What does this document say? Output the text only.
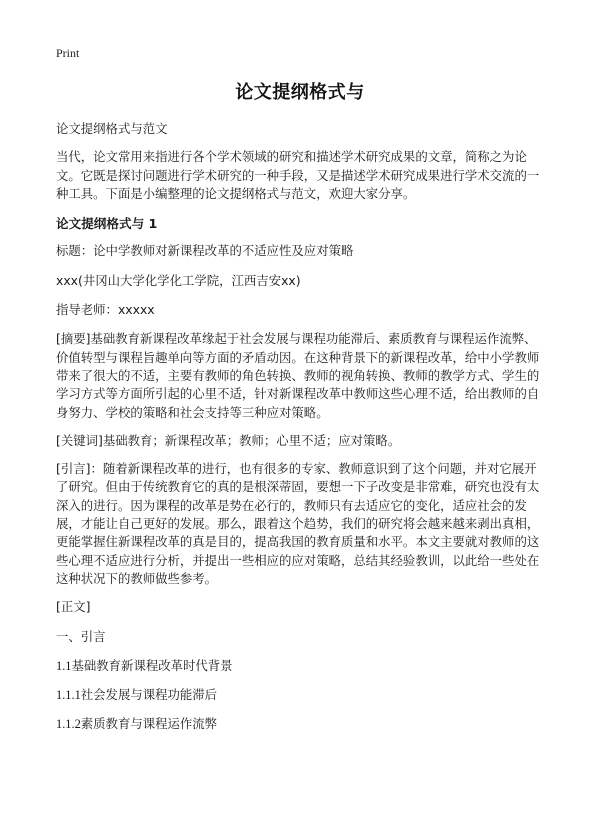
Print
论文提纲格式与

论文提纲格式与范文

当代，论文常用来指进行各个学术领域的研究和描述学术研究成果的文章，简称之为论文。它既是探讨问题进行学术研究的一种手段，又是描述学术研究成果进行学术交流的一种工具。下面是小编整理的论文提纲格式与范文，欢迎大家分享。

论文提纲格式与 1

标题：论中学教师对新课程改革的不适应性及应对策略

xxx(井冈山大学化学化工学院，江西吉安xx)

指导老师：xxxxx

[摘要]基础教育新课程改革缘起于社会发展与课程功能滞后、素质教育与课程运作流弊、价值转型与课程旨趣单向等方面的矛盾动因。在这种背景下的新课程改革，给中小学教师带来了很大的不适，主要有教师的角色转换、教师的视角转换、教师的教学方式、学生的学习方式等方面所引起的心里不适，针对新课程改革中教师这些心理不适，给出教师的自身努力、学校的策略和社会支持等三种应对策略。

[关键词]基础教育；新课程改革；教师；心里不适；应对策略。

[引言]：随着新课程改革的进行，也有很多的专家、教师意识到了这个问题，并对它展开了研究。但由于传统教育它的真的是根深蒂固，要想一下子改变是非常难，研究也没有太深入的进行。因为课程的改革是势在必行的，教师只有去适应它的变化，适应社会的发展，才能让自己更好的发展。那么，跟着这个趋势，我们的研究将会越来越来剥出真相，更能掌握住新课程改革的真是目的，提高我国的教育质量和水平。本文主要就对教师的这些心理不适应进行分析，并提出一些相应的应对策略，总结其经验教训，以此给一些处在这种状况下的教师做些参考。

[正文]

一、引言

1.1基础教育新课程改革时代背景

1.1.1社会发展与课程功能滞后

1.1.2素质教育与课程运作流弊
